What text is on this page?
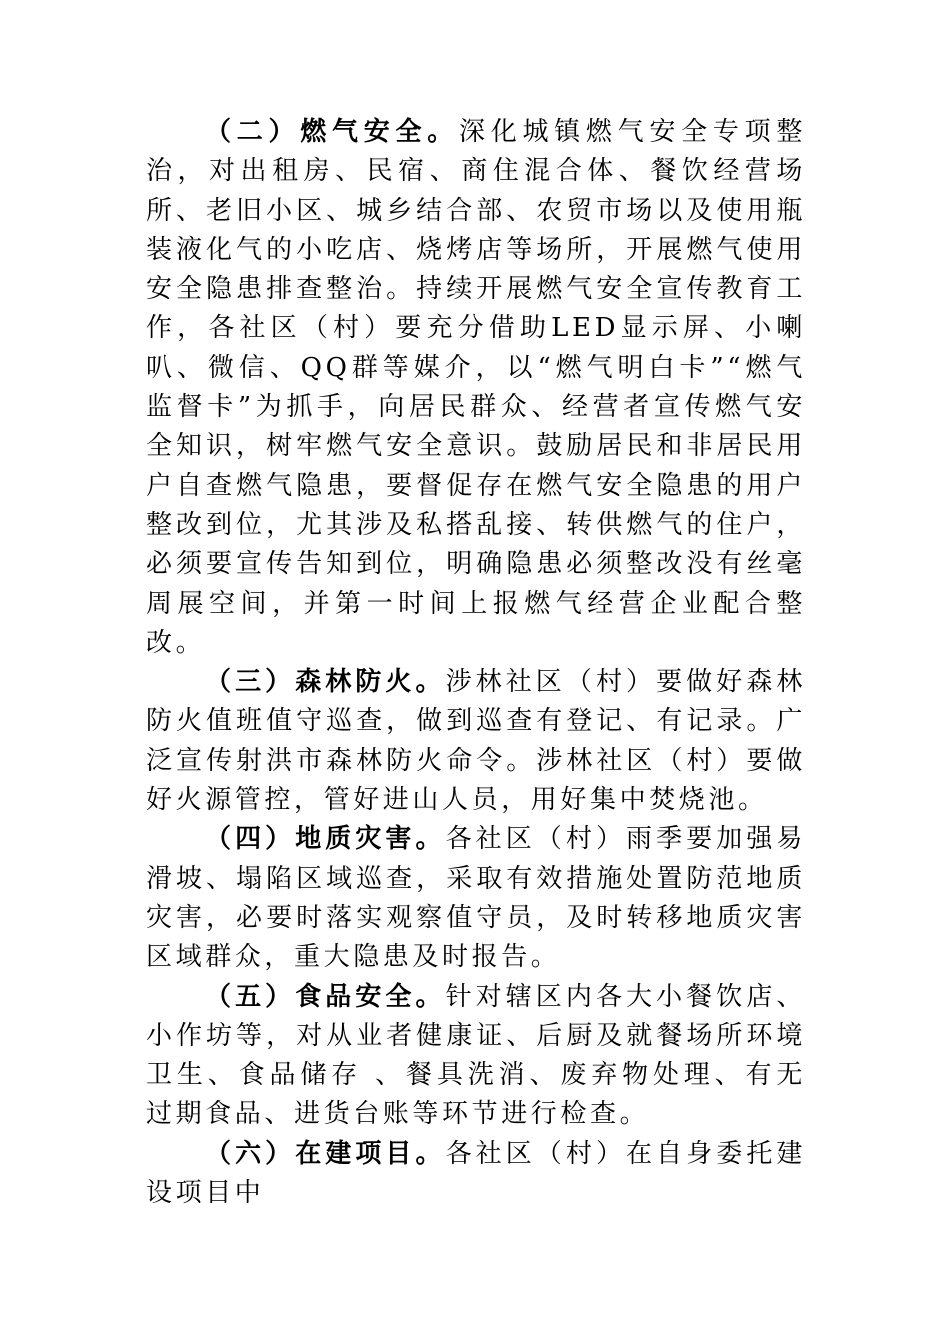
（二）燃气安全。深化城镇燃气安全专项整治，对出租房、民宿、商住混合体、餐饮经营场所、老旧小区、城乡结合部、农贸市场以及使用瓶装液化气的小吃店、烧烤店等场所，开展燃气使用安全隐患排查整治。持续开展燃气安全宣传教育工作，各社区（村）要充分借助LED显示屏、小喇叭、微信、QQ群等媒介，以“燃气明白卡”“燃气监督卡”为抓手，向居民群众、经营者宣传燃气安全知识，树牢燃气安全意识。鼓励居民和非居民用户自查燃气隐患，要督促存在燃气安全隐患的用户整改到位，尤其涉及私搭乱接、转供燃气的住户，必须要宣传告知到位，明确隐患必须整改没有丝毫周展空间，并第一时间上报燃气经营企业配合整改。

（三）森林防火。涉林社区（村）要做好森林防火值班值守巡查，做到巡查有登记、有记录。广泛宣传射洪市森林防火命令。涉林社区（村）要做好火源管控，管好进山人员，用好集中焚烧池。

（四）地质灾害。各社区（村）雨季要加强易滑坡、塌陷区域巡查，采取有效措施处置防范地质灾害，必要时落实观察值守员，及时转移地质灾害区域群众，重大隐患及时报告。

（五）食品安全。针对辖区内各大小餐饮店、小作坊等，对从业者健康证、后厨及就餐场所环境卫生、食品储存 、餐具洗消、废弃物处理、有无过期食品、进货台账等环节进行检查。

（六）在建项目。各社区（村）在自身委托建设项目中
